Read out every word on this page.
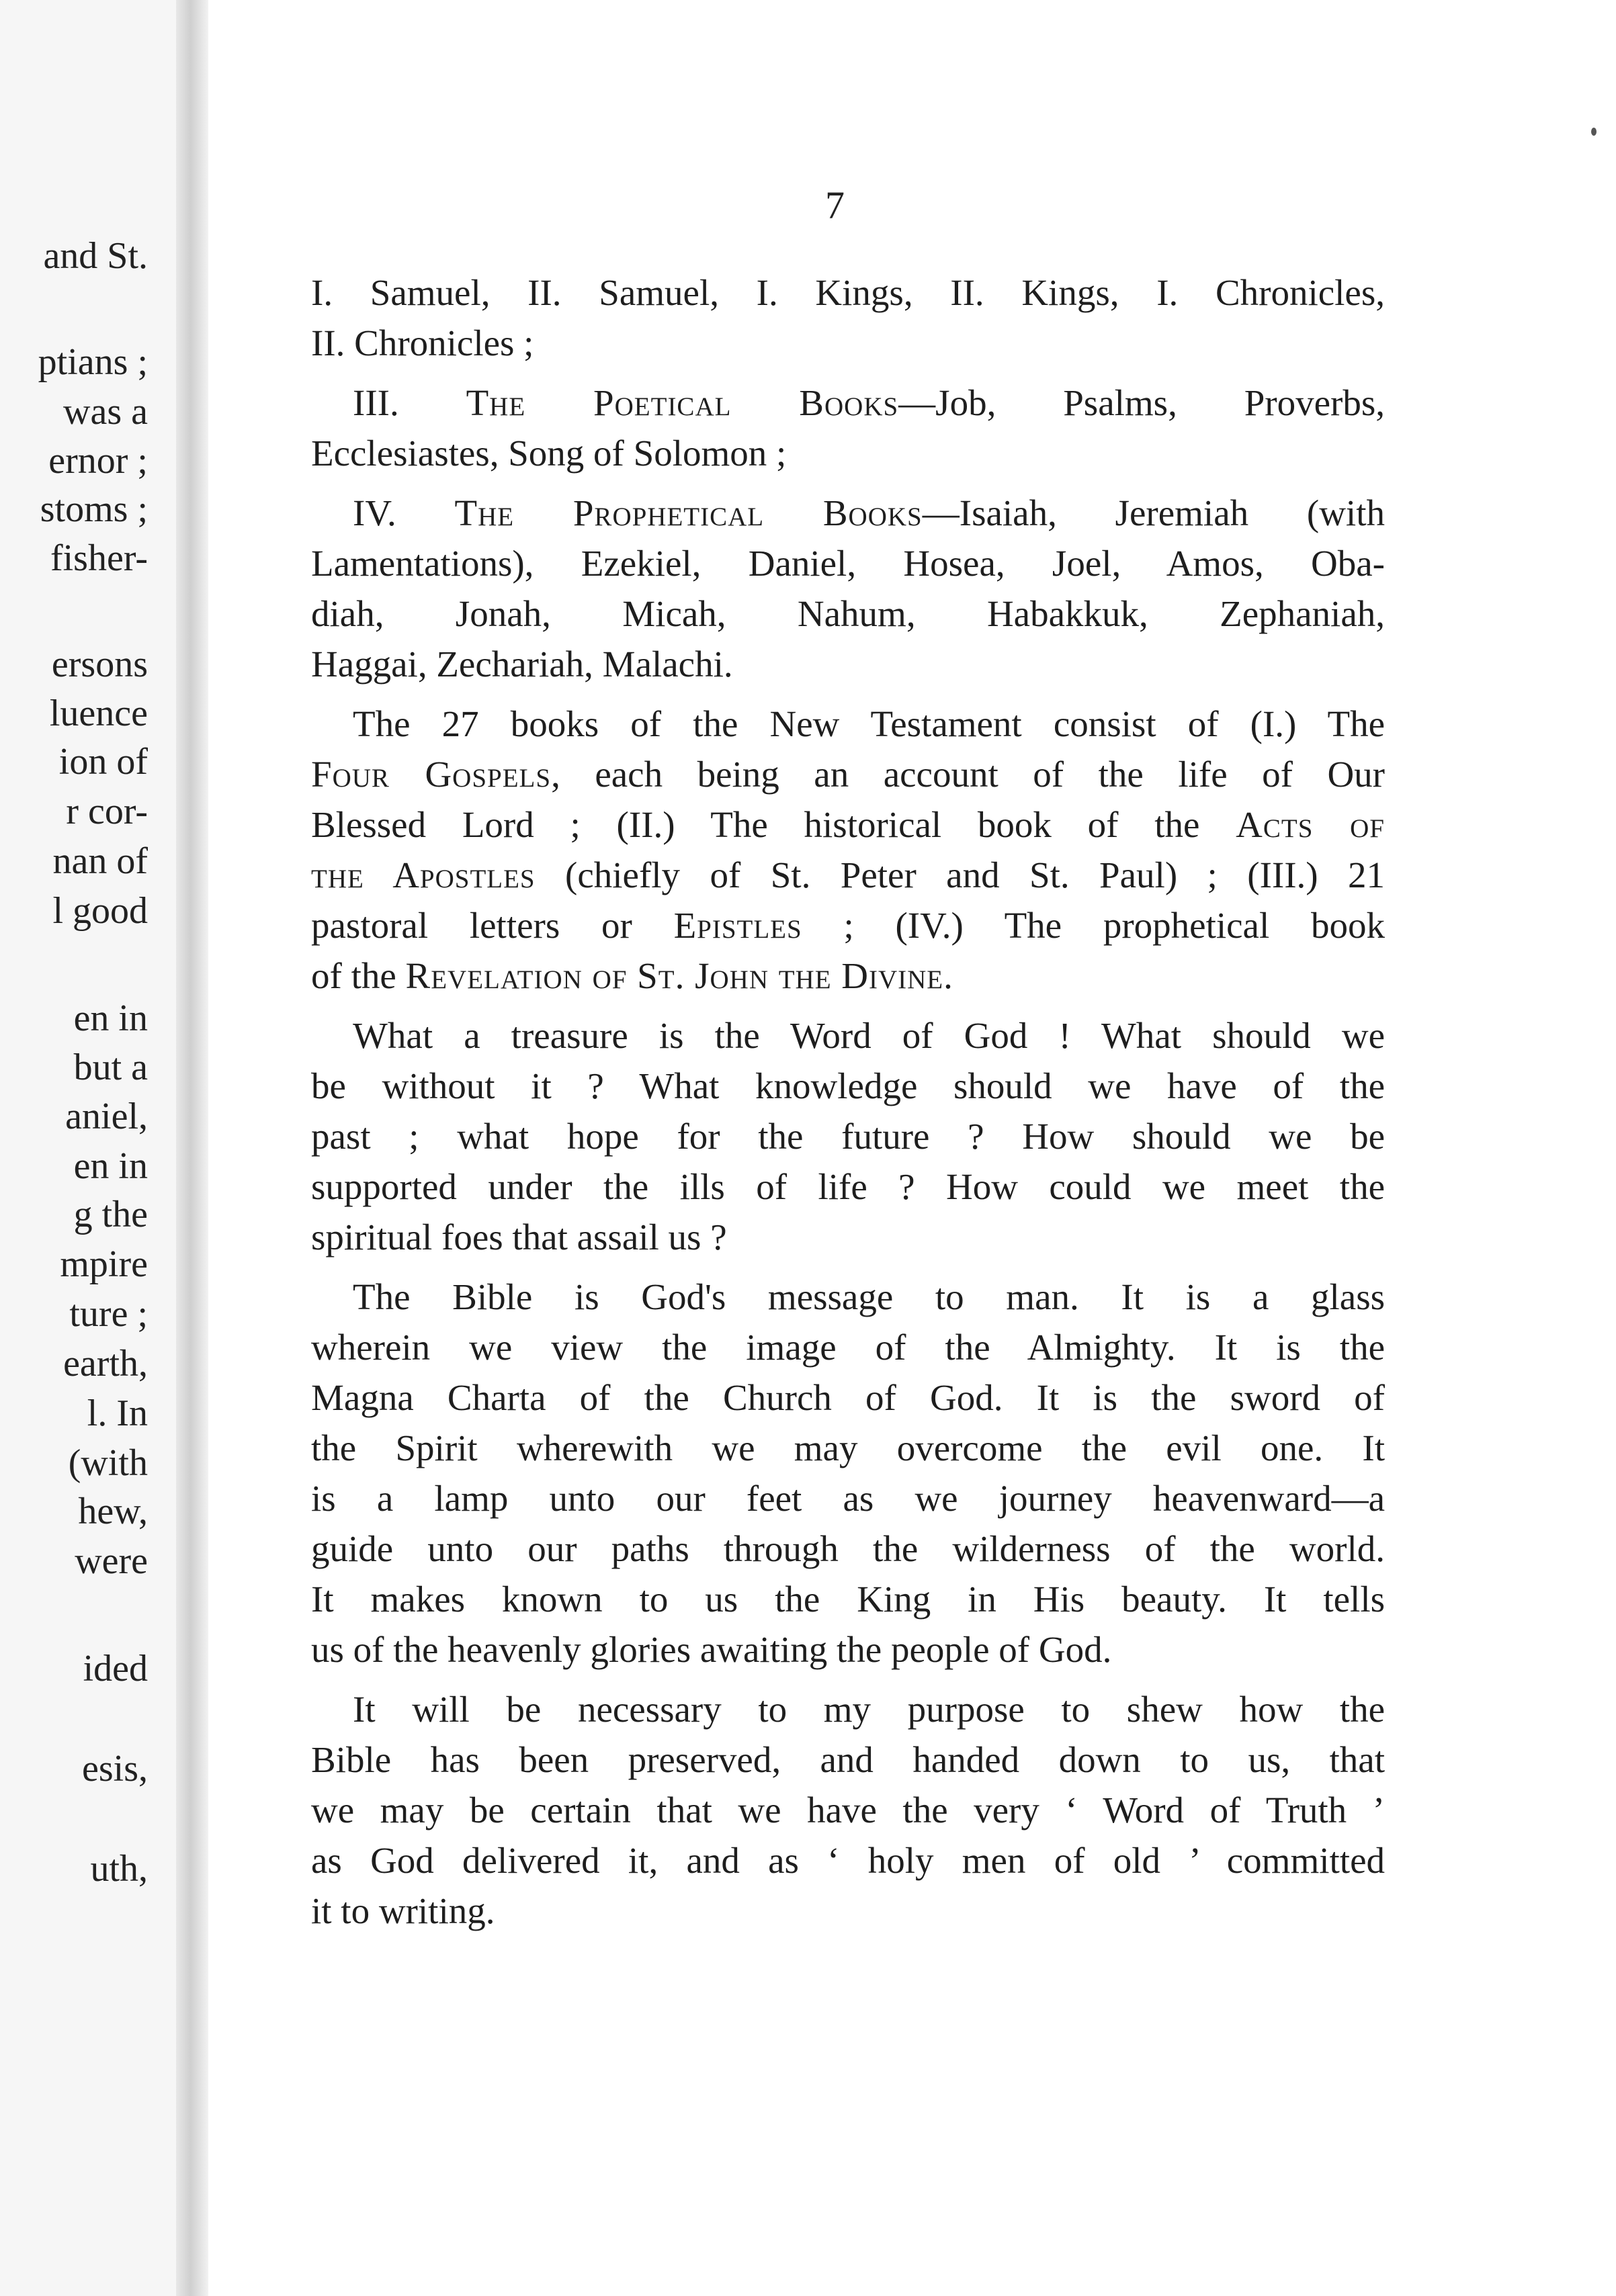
and St.
ptians ;
was a
ernor ;
stoms ;
fisher-
ersons
luence
ion of
r cor-
nan of
l good
en in
but a
aniel,
en in
g the
mpire
ture ;
earth,
l. In
(with
hew,
were
ided
esis,
uth,
7
I. Samuel, II. Samuel, I. Kings, II. Kings, I. Chronicles,
II. Chronicles ;
III. The Poetical Books—Job, Psalms, Proverbs,
Ecclesiastes, Song of Solomon ;
IV. The Prophetical Books—Isaiah, Jeremiah (with
Lamentations), Ezekiel, Daniel, Hosea, Joel, Amos, Oba-
diah, Jonah, Micah, Nahum, Habakkuk, Zephaniah,
Haggai, Zechariah, Malachi.
The 27 books of the New Testament consist of (I.) The
Four Gospels, each being an account of the life of Our
Blessed Lord ; (II.) The historical book of the Acts of
the Apostles (chiefly of St. Peter and St. Paul) ; (III.) 21
pastoral letters or Epistles ; (IV.) The prophetical book
of the Revelation of St. John the Divine.
What a treasure is the Word of God ! What should we
be without it ? What knowledge should we have of the
past ; what hope for the future ? How should we be
supported under the ills of life ? How could we meet the
spiritual foes that assail us ?
The Bible is God's message to man. It is a glass
wherein we view the image of the Almighty. It is the
Magna Charta of the Church of God. It is the sword of
the Spirit wherewith we may overcome the evil one. It
is a lamp unto our feet as we journey heavenward—a
guide unto our paths through the wilderness of the world.
It makes known to us the King in His beauty. It tells
us of the heavenly glories awaiting the people of God.
It will be necessary to my purpose to shew how the
Bible has been preserved, and handed down to us, that
we may be certain that we have the very ‘ Word of Truth ’
as God delivered it, and as ‘ holy men of old ’ committed
it to writing.
